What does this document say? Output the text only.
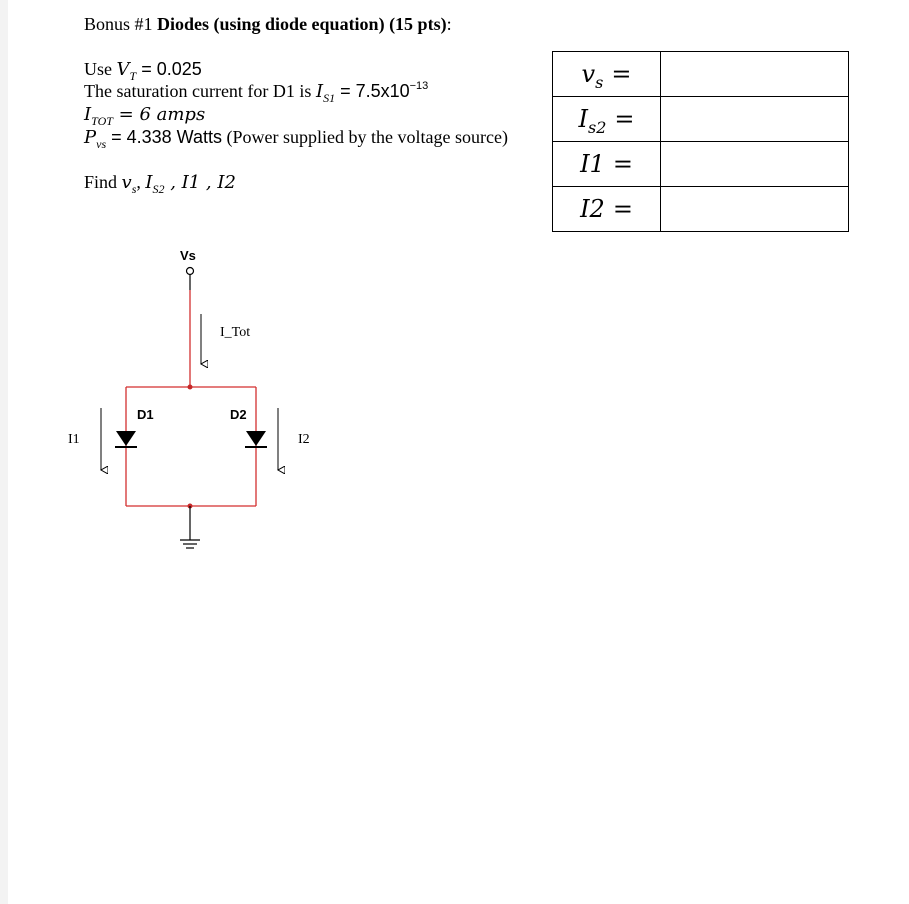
Bonus #1 Diodes (using diode equation) (15 pts):
Use $V_T = 0.025$
The saturation current for D1 is $I_{S1} = 7.5x10^{-13}$
$I_{TOT} = 6$ amps
$P_{vs} = 4.338$ Watts (Power supplied by the voltage source)
Find $v_s$, $I_{S2}$ , I1 , I2
$v_s$ =	
$I_{s2}$ =	
I1 =	
I2 =	
Vs
I_Tot
D1	D2
I1	I2
